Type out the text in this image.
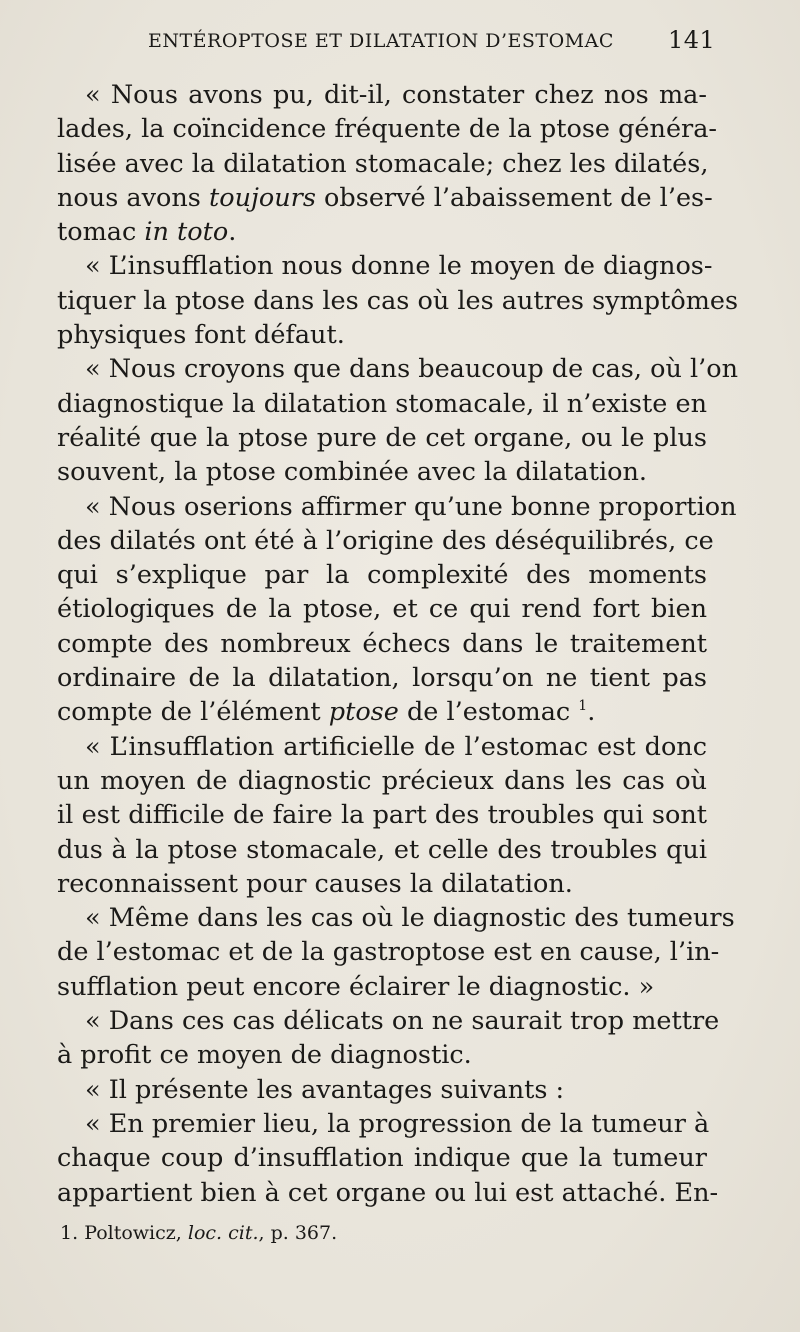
ENTÉROPTOSE ET DILATATION D’ESTOMAC 141
« Nous avons pu, dit-il, constater chez nos ma-
lades, la coïncidence fréquente de la ptose généra-
lisée avec la dilatation stomacale; chez les dilatés,
nous avons toujours observé l’abaissement de l’es-
tomac in toto.
« L’insufflation nous donne le moyen de diagnos-
tiquer la ptose dans les cas où les autres symptômes
physiques font défaut.
« Nous croyons que dans beaucoup de cas, où l’on
diagnostique la dilatation stomacale, il n’existe en
réalité que la ptose pure de cet organe, ou le plus
souvent, la ptose combinée avec la dilatation.
« Nous oserions affirmer qu’une bonne proportion
des dilatés ont été à l’origine des déséquilibrés, ce
qui s’explique par la complexité des moments
étiologiques de la ptose, et ce qui rend fort bien
compte des nombreux échecs dans le traitement
ordinaire de la dilatation, lorsqu’on ne tient pas
compte de l’élément ptose de l’estomac $^1$.
« L’insufflation artificielle de l’estomac est donc
un moyen de diagnostic précieux dans les cas où
il est difficile de faire la part des troubles qui sont
dus à la ptose stomacale, et celle des troubles qui
reconnaissent pour causes la dilatation.
« Même dans les cas où le diagnostic des tumeurs
de l’estomac et de la gastroptose est en cause, l’in-
sufflation peut encore éclairer le diagnostic. »
« Dans ces cas délicats on ne saurait trop mettre
à profit ce moyen de diagnostic.
« Il présente les avantages suivants :
« En premier lieu, la progression de la tumeur à
chaque coup d’insufflation indique que la tumeur
appartient bien à cet organe ou lui est attaché. En-
1. Poltowicz, loc. cit., p. 367.
